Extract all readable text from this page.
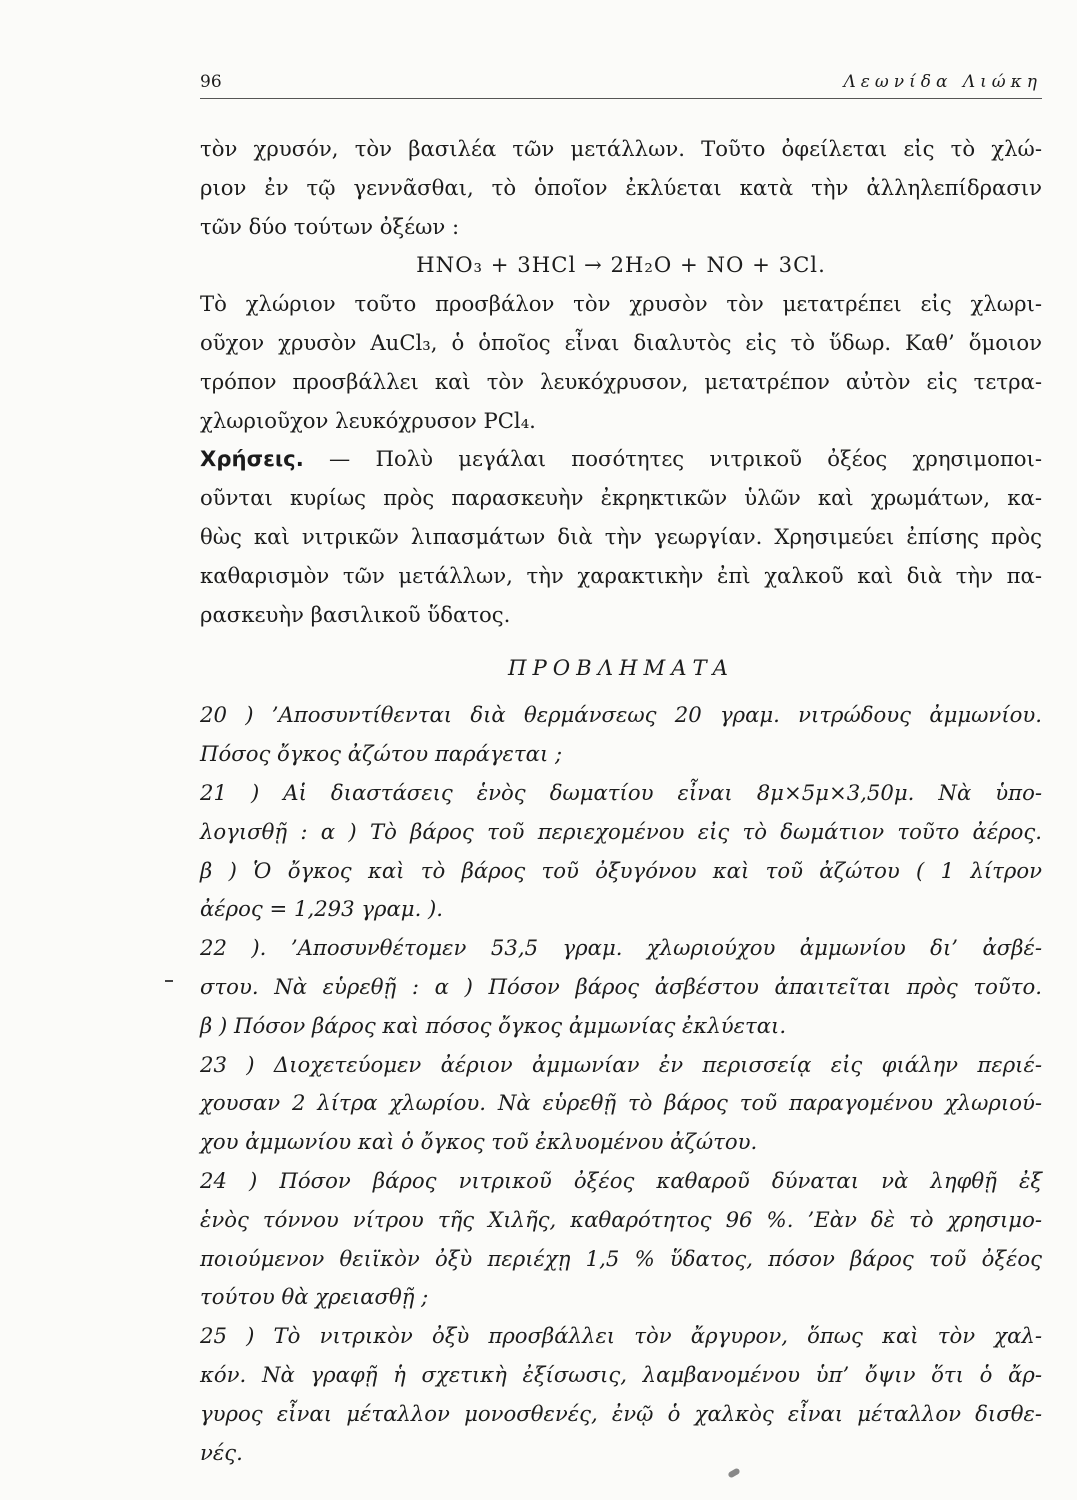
96	Λεωνίδα Λιώκη
τὸν χρυσόν, τὸν βασιλέα τῶν μετάλλων. Τοῦτο ὀφείλεται εἰς τὸ χλώ-
ριον ἐν τῷ γεννᾶσθαι, τὸ ὁποῖον ἐκλύεται κατὰ τὴν ἀλληλεπίδρασιν
τῶν δύο τούτων ὀξέων :
HNO₃ + 3HCl → 2H₂O + NO + 3Cl.
Τὸ χλώριον τοῦτο προσβάλον τὸν χρυσὸν τὸν μετατρέπει εἰς χλωρι-
οῦχον χρυσὸν AuCl₃, ὁ ὁποῖος εἶναι διαλυτὸς εἰς τὸ ὕδωρ. Καθ’ ὅμοιον
τρόπον προσβάλλει καὶ τὸν λευκόχρυσον, μετατρέπον αὐτὸν εἰς τετρα-
χλωριοῦχον λευκόχρυσον PCl₄.
Χρήσεις. — Πολὺ μεγάλαι ποσότητες νιτρικοῦ ὀξέος χρησιμοποι-
οῦνται κυρίως πρὸς παρασκευὴν ἐκρηκτικῶν ὑλῶν καὶ χρωμάτων, κα-
θὼς καὶ νιτρικῶν λιπασμάτων διὰ τὴν γεωργίαν. Χρησιμεύει ἐπίσης πρὸς
καθαρισμὸν τῶν μετάλλων, τὴν χαρακτικὴν ἐπὶ χαλκοῦ καὶ διὰ τὴν πα-
ρασκευὴν βασιλικοῦ ὕδατος.
ΠΡΟΒΛΗΜΑΤΑ
20 ) ’Αποσυντίθενται διὰ θερμάνσεως 20 γραμ. νιτρώδους ἀμμωνίου.
Πόσος ὄγκος ἀζώτου παράγεται ;
21 ) Αἱ διαστάσεις ἑνὸς δωματίου εἶναι 8μ×5μ×3,50μ. Νὰ ὑπο-
λογισθῇ : α ) Τὸ βάρος τοῦ περιεχομένου εἰς τὸ δωμάτιον τοῦτο ἀέρος.
β ) Ὁ ὄγκος καὶ τὸ βάρος τοῦ ὀξυγόνου καὶ τοῦ ἀζώτου ( 1 λίτρον
ἀέρος = 1,293 γραμ. ).
22 ). ’Αποσυνθέτομεν 53,5 γραμ. χλωριούχου ἀμμωνίου δι’ ἀσβέ-
στου. Νὰ εὑρεθῇ : α ) Πόσον βάρος ἀσβέστου ἀπαιτεῖται πρὸς τοῦτο.
β ) Πόσον βάρος καὶ πόσος ὄγκος ἀμμωνίας ἐκλύεται.
23 ) Διοχετεύομεν ἀέριον ἀμμωνίαν ἐν περισσείᾳ εἰς φιάλην περιέ-
χουσαν 2 λίτρα χλωρίου. Νὰ εὑρεθῇ τὸ βάρος τοῦ παραγομένου χλωριού-
χου ἀμμωνίου καὶ ὁ ὄγκος τοῦ ἐκλυομένου ἀζώτου.
24 ) Πόσον βάρος νιτρικοῦ ὀξέος καθαροῦ δύναται νὰ ληφθῇ ἐξ
ἑνὸς τόννου νίτρου τῆς Χιλῆς, καθαρότητος 96 %. ’Εὰν δὲ τὸ χρησιμο-
ποιούμενον θειϊκὸν ὀξὺ περιέχῃ 1,5 % ὕδατος, πόσον βάρος τοῦ ὀξέος
τούτου θὰ χρειασθῇ ;
25 ) Τὸ νιτρικὸν ὀξὺ προσβάλλει τὸν ἄργυρον, ὅπως καὶ τὸν χαλ-
κόν. Νὰ γραφῇ ἡ σχετικὴ ἐξίσωσις, λαμβανομένου ὑπ’ ὄψιν ὅτι ὁ ἄρ-
γυρος εἶναι μέταλλον μονοσθενές, ἐνῷ ὁ χαλκὸς εἶναι μέταλλον δισθε-
νές.
